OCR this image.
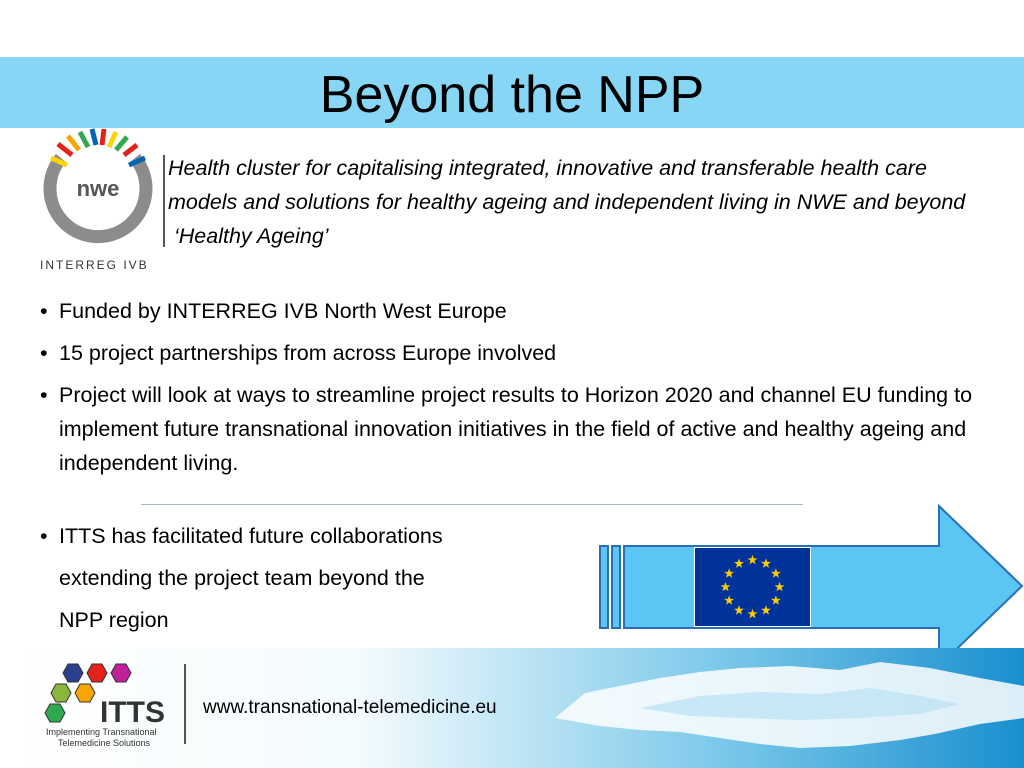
Beyond the NPP
nwe
INTERREG IVB
Health cluster for capitalising integrated, innovative and transferable health care models and solutions for healthy ageing and independent living in NWE and beyond  ‘Healthy Ageing’
• Funded by INTERREG IVB North West Europe
• 15 project partnerships from across Europe involved
• Project will look at ways to streamline project results to Horizon 2020 and channel EU funding to implement future transnational innovation initiatives in the field of active and healthy ageing and independent living.
• ITTS has facilitated future collaborations
extending the project team beyond the
NPP region
ITTS
Implementing Transnational
Telemedicine Solutions
www.transnational-telemedicine.eu
